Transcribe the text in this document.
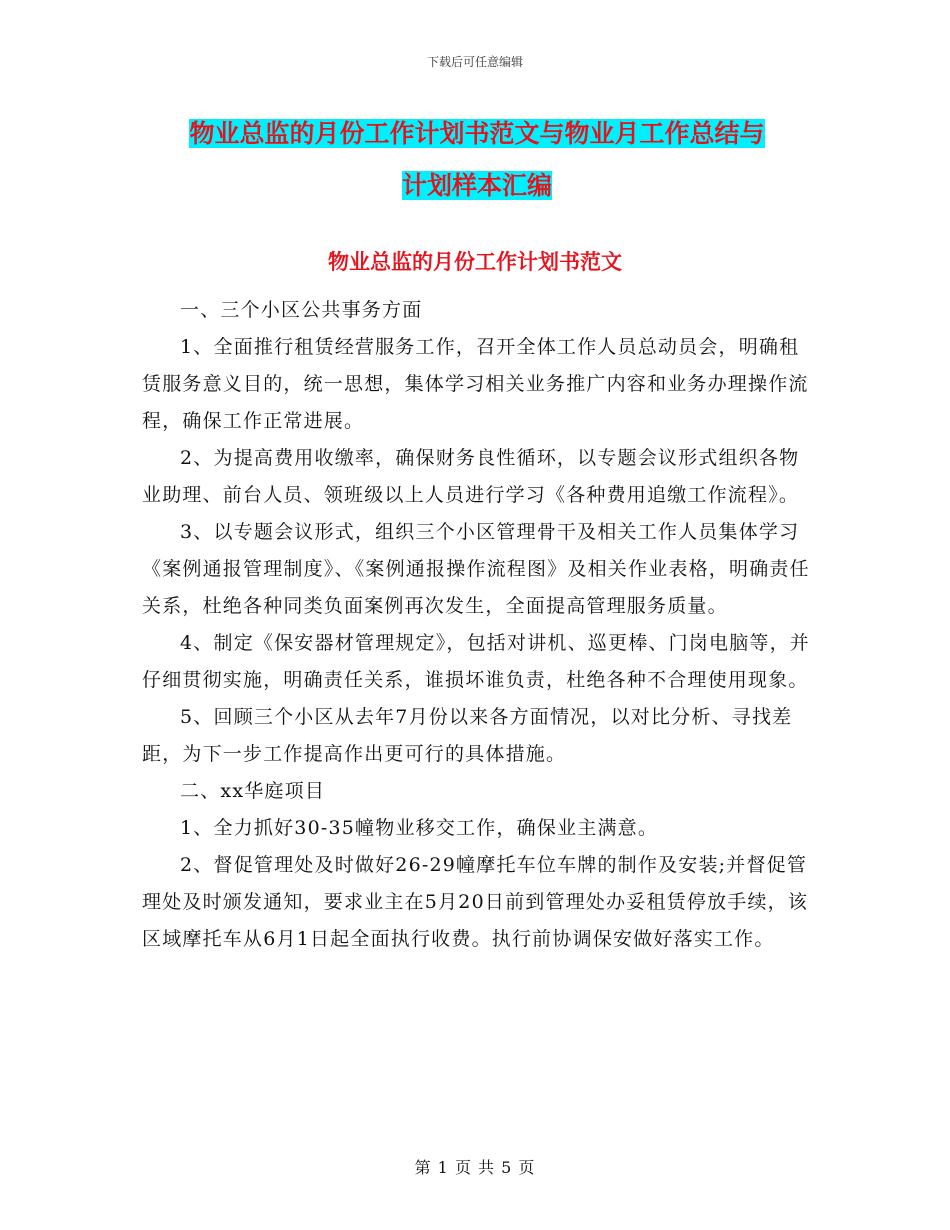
下载后可任意编辑
物业总监的月份工作计划书范文与物业月工作总结与
计划样本汇编
物业总监的月份工作计划书范文

一、三个小区公共事务方面

1、全面推行租赁经营服务工作，召开全体工作人员总动员会，明确租赁服务意义目的，统一思想，集体学习相关业务推广内容和业务办理操作流程，确保工作正常进展。

2、为提高费用收缴率，确保财务良性循环，以专题会议形式组织各物业助理、前台人员、领班级以上人员进行学习《各种费用追缴工作流程》。

3、以专题会议形式，组织三个小区管理骨干及相关工作人员集体学习《案例通报管理制度》、《案例通报操作流程图》及相关作业表格，明确责任关系，杜绝各种同类负面案例再次发生，全面提高管理服务质量。

4、制定《保安器材管理规定》，包括对讲机、巡更棒、门岗电脑等，并仔细贯彻实施，明确责任关系，谁损坏谁负责，杜绝各种不合理使用现象。

5、回顾三个小区从去年7月份以来各方面情况，以对比分析、寻找差距，为下一步工作提高作出更可行的具体措施。

二、xx华庭项目

1、全力抓好30-35幢物业移交工作，确保业主满意。

2、督促管理处及时做好26-29幢摩托车位车牌的制作及安装;并督促管理处及时颁发通知，要求业主在5月20日前到管理处办妥租赁停放手续，该区域摩托车从6月1日起全面执行收费。执行前协调保安做好落实工作。

第 1 页 共 5 页
